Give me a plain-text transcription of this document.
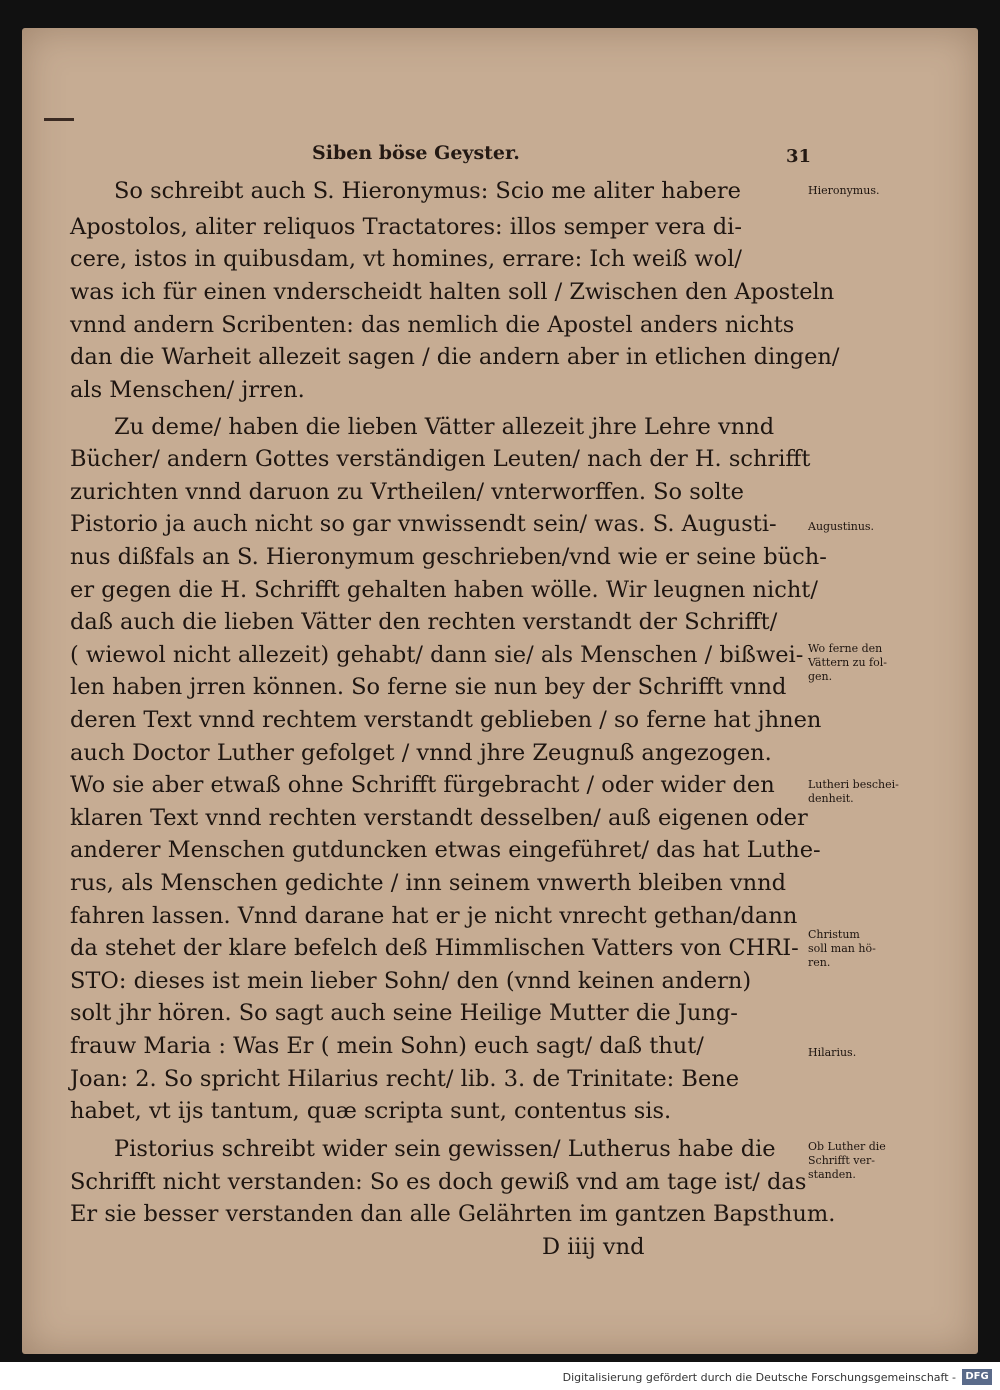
Siben böse Geyster.	31
So schreibt auch S. Hieronymus: Scio me aliter habere
Apostolos, aliter reliquos Tractatores: illos semper vera di-
cere, istos in quibusdam, vt homines, errare: Ich weiß wol/
was ich für einen vnderscheidt halten soll / Zwischen den Aposteln
vnnd andern Scribenten: das nemlich die Apostel anders nichts
dan die Warheit allezeit sagen / die andern aber in etlichen dingen/
als Menschen/ jrren.
Zu deme/ haben die lieben Vätter allezeit jhre Lehre vnnd
Bücher/ andern Gottes verständigen Leuten/ nach der H. schrifft
zurichten vnnd daruon zu Vrtheilen/ vnterworffen. So solte
Pistorio ja auch nicht so gar vnwissendt sein/ was. S. Augusti-
nus dißfals an S. Hieronymum geschrieben/vnd wie er seine büch-
er gegen die H. Schrifft gehalten haben wölle. Wir leugnen nicht/
daß auch die lieben Vätter den rechten verstandt der Schrifft/
( wiewol nicht allezeit) gehabt/ dann sie/ als Menschen / bißwei-
len haben jrren können. So ferne sie nun bey der Schrifft vnnd
deren Text vnnd rechtem verstandt geblieben / so ferne hat jhnen
auch Doctor Luther gefolget / vnnd jhre Zeugnuß angezogen.
Wo sie aber etwaß ohne Schrifft fürgebracht / oder wider den
klaren Text vnnd rechten verstandt desselben/ auß eigenen oder
anderer Menschen gutduncken etwas eingeführet/ das hat Luthe-
rus, als Menschen gedichte / inn seinem vnwerth bleiben vnnd
fahren lassen. Vnnd darane hat er je nicht vnrecht gethan/dann
da stehet der klare befelch deß Himmlischen Vatters von CHRI-
STO: dieses ist mein lieber Sohn/ den (vnnd keinen andern)
solt jhr hören. So sagt auch seine Heilige Mutter die Jung-
frauw Maria : Was Er ( mein Sohn) euch sagt/ daß thut/
Joan: 2. So spricht Hilarius recht/ lib. 3. de Trinitate: Bene
habet, vt ijs tantum, quæ scripta sunt, contentus sis.
Pistorius schreibt wider sein gewissen/ Lutherus habe die
Schrifft nicht verstanden: So es doch gewiß vnd am tage ist/ das
Er sie besser verstanden dan alle Gelährten im gantzen Bapsthum.
D iiij vnd
Hieronymus.
Augustinus.
Wo ferne den
Vättern zu fol-
gen.
Lutheri beschei-
denheit.
Christum
soll man hö-
ren.
Hilarius.
Ob Luther die
Schrifft ver-
standen.
Digitalisierung gefördert durch die Deutsche Forschungsgemeinschaft - DFG
